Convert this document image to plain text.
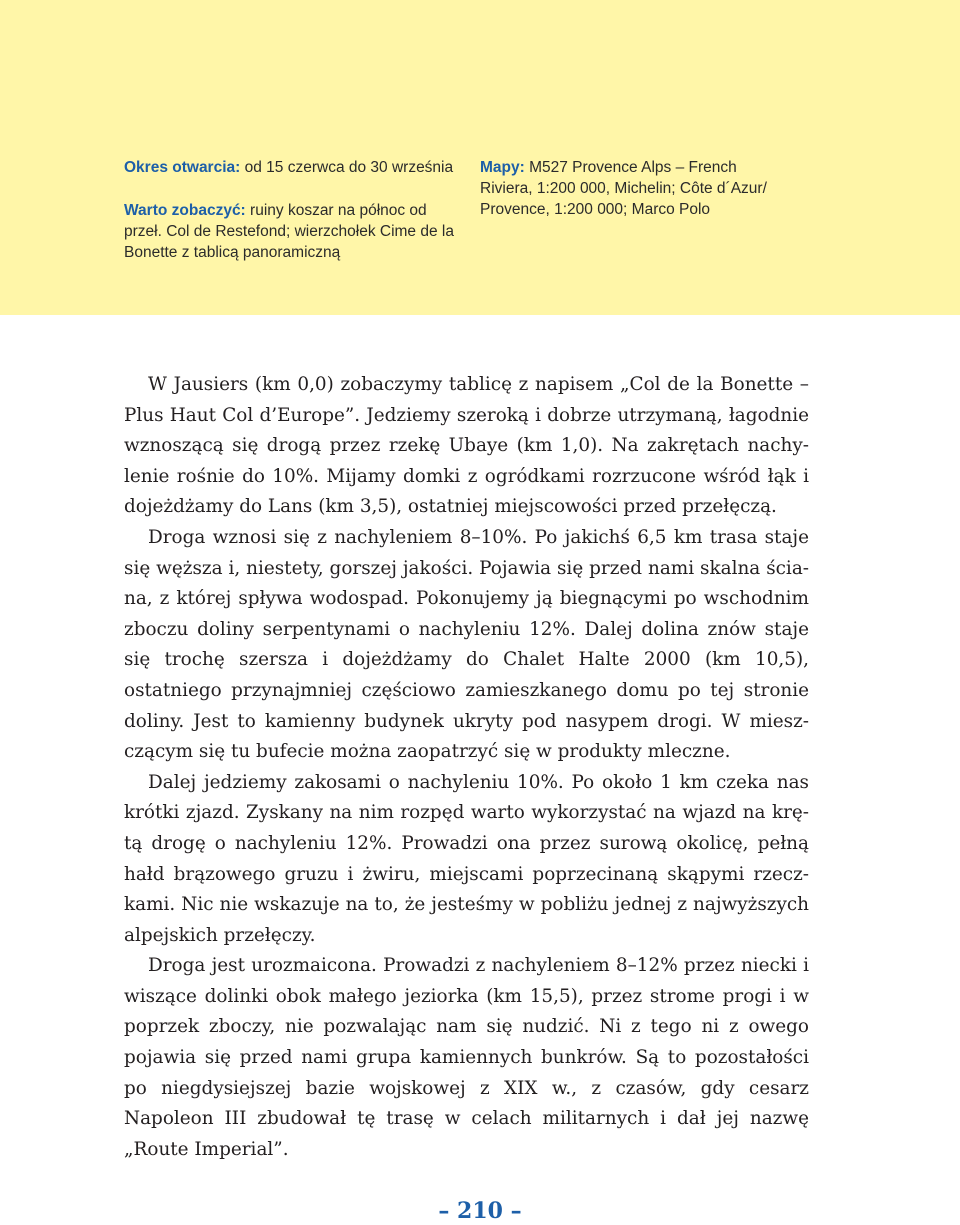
Okres otwarcia: od 15 czerwca do 30 września

Warto zobaczyć: ruiny koszar na północ od przeł. Col de Restefond; wierzchołek Cime de la Bonette z tablicą panoramiczną

Mapy: M527 Provence Alps – French Riviera, 1:200 000, Michelin; Côte d´Azur/ Provence, 1:200 000; Marco Polo

W Jausiers (km 0,0) zobaczymy tablicę z napisem „Col de la Bonette – Plus Haut Col d’Europe”. Jedziemy szeroką i dobrze utrzymaną, łagodnie wznoszącą się drogą przez rzekę Ubaye (km 1,0). Na zakrętach nachylenie rośnie do 10%. Mijamy domki z ogródkami rozrzucone wśród łąk i dojeżdżamy do Lans (km 3,5), ostatniej miejscowości przed przełęczą.

Droga wznosi się z nachyleniem 8–10%. Po jakichś 6,5 km trasa staje się węższa i, niestety, gorszej jakości. Pojawia się przed nami skalna ściana, z której spływa wodospad. Pokonujemy ją biegnącymi po wschodnim zboczu doliny serpentynami o nachyleniu 12%. Dalej dolina znów staje się trochę szersza i dojeżdżamy do Chalet Halte 2000 (km 10,5), ostatniego przynajmniej częściowo zamieszkanego domu po tej stronie doliny. Jest to kamienny budynek ukryty pod nasypem drogi. W mieszczącym się tu bufecie można zaopatrzyć się w produkty mleczne.

Dalej jedziemy zakosami o nachyleniu 10%. Po około 1 km czeka nas krótki zjazd. Zyskany na nim rozpęd warto wykorzystać na wjazd na krętą drogę o nachyleniu 12%. Prowadzi ona przez surową okolicę, pełną hałd brązowego gruzu i żwiru, miejscami poprzecinaną skąpymi rzeczkami. Nic nie wskazuje na to, że jesteśmy w pobliżu jednej z najwyższych alpejskich przełęczy.

Droga jest urozmaicona. Prowadzi z nachyleniem 8–12% przez niecki i wiszące dolinki obok małego jeziorka (km 15,5), przez strome progi i w poprzek zboczy, nie pozwalając nam się nudzić. Ni z tego ni z owego pojawia się przed nami grupa kamiennych bunkrów. Są to pozostałości po niegdysiejszej bazie wojskowej z XIX w., z czasów, gdy cesarz Napoleon III zbudował tę trasę w celach militarnych i dał jej nazwę „Route Imperial”.

– 210 –
